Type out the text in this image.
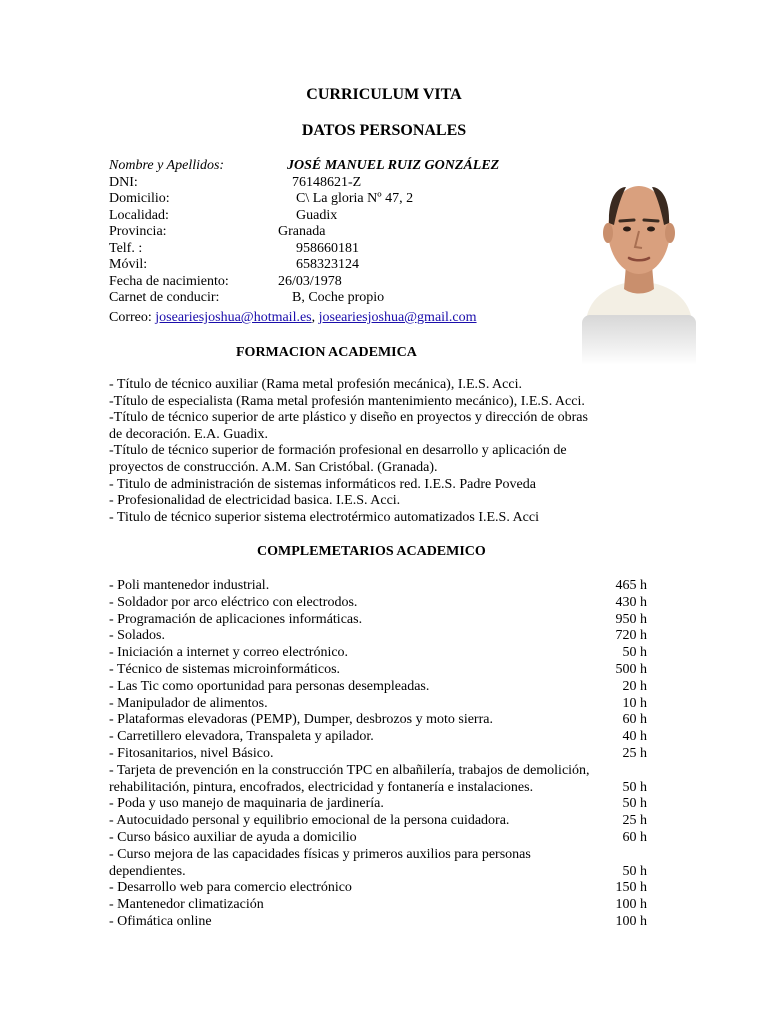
CURRICULUM VITA
DATOS PERSONALES
Nombre y Apellidos:	JOSÉ MANUEL RUIZ GONZÁLEZ
DNI:	76148621-Z
Domicilio:	C\ La gloria Nº 47, 2
Localidad:	Guadix
Provincia:	Granada
Telf. :	958660181
Móvil:	658323124
Fecha de nacimiento:	26/03/1978
Carnet de conducir:	B, Coche propio
Correo: joseariesjoshua@hotmail.es, joseariesjoshua@gmail.com
FORMACION ACADEMICA
- Título de técnico auxiliar (Rama metal profesión mecánica), I.E.S. Acci.
-Título de especialista (Rama metal profesión mantenimiento mecánico), I.E.S. Acci.
-Título de técnico superior de arte plástico y diseño en proyectos y dirección de obras
de decoración. E.A. Guadix.
-Título de técnico superior de formación profesional en desarrollo y aplicación de
proyectos de construcción. A.M. San Cristóbal. (Granada).
- Titulo de administración de sistemas informáticos red. I.E.S. Padre Poveda
- Profesionalidad de electricidad basica. I.E.S. Acci.
- Titulo de técnico superior sistema electrotérmico automatizados I.E.S. Acci
COMPLEMETARIOS ACADEMICO
- Poli mantenedor industrial.	465 h
- Soldador por arco eléctrico con electrodos.	430 h
- Programación de aplicaciones informáticas.	950 h
- Solados.	720 h
- Iniciación a internet y correo electrónico.	50 h
- Técnico de sistemas microinformáticos.	500 h
- Las Tic como oportunidad para personas desempleadas.	20 h
- Manipulador de alimentos.	10 h
- Plataformas elevadoras (PEMP), Dumper, desbrozos y moto sierra.	60 h
- Carretillero elevadora, Transpaleta y apilador.	40 h
- Fitosanitarios, nivel Básico.	25 h
- Tarjeta de prevención en la construcción TPC en albañilería, trabajos de demolición,
rehabilitación, pintura, encofrados, electricidad y fontanería e instalaciones.	50 h
- Poda y uso manejo de maquinaria de jardinería.	50 h
- Autocuidado personal y equilibrio emocional de la persona cuidadora.	25 h
- Curso básico auxiliar de ayuda a domicilio	60 h
- Curso mejora de las capacidades físicas y primeros auxilios para personas
dependientes.	50 h
- Desarrollo web para comercio electrónico	150 h
- Mantenedor climatización	100 h
- Ofimática online	100 h
